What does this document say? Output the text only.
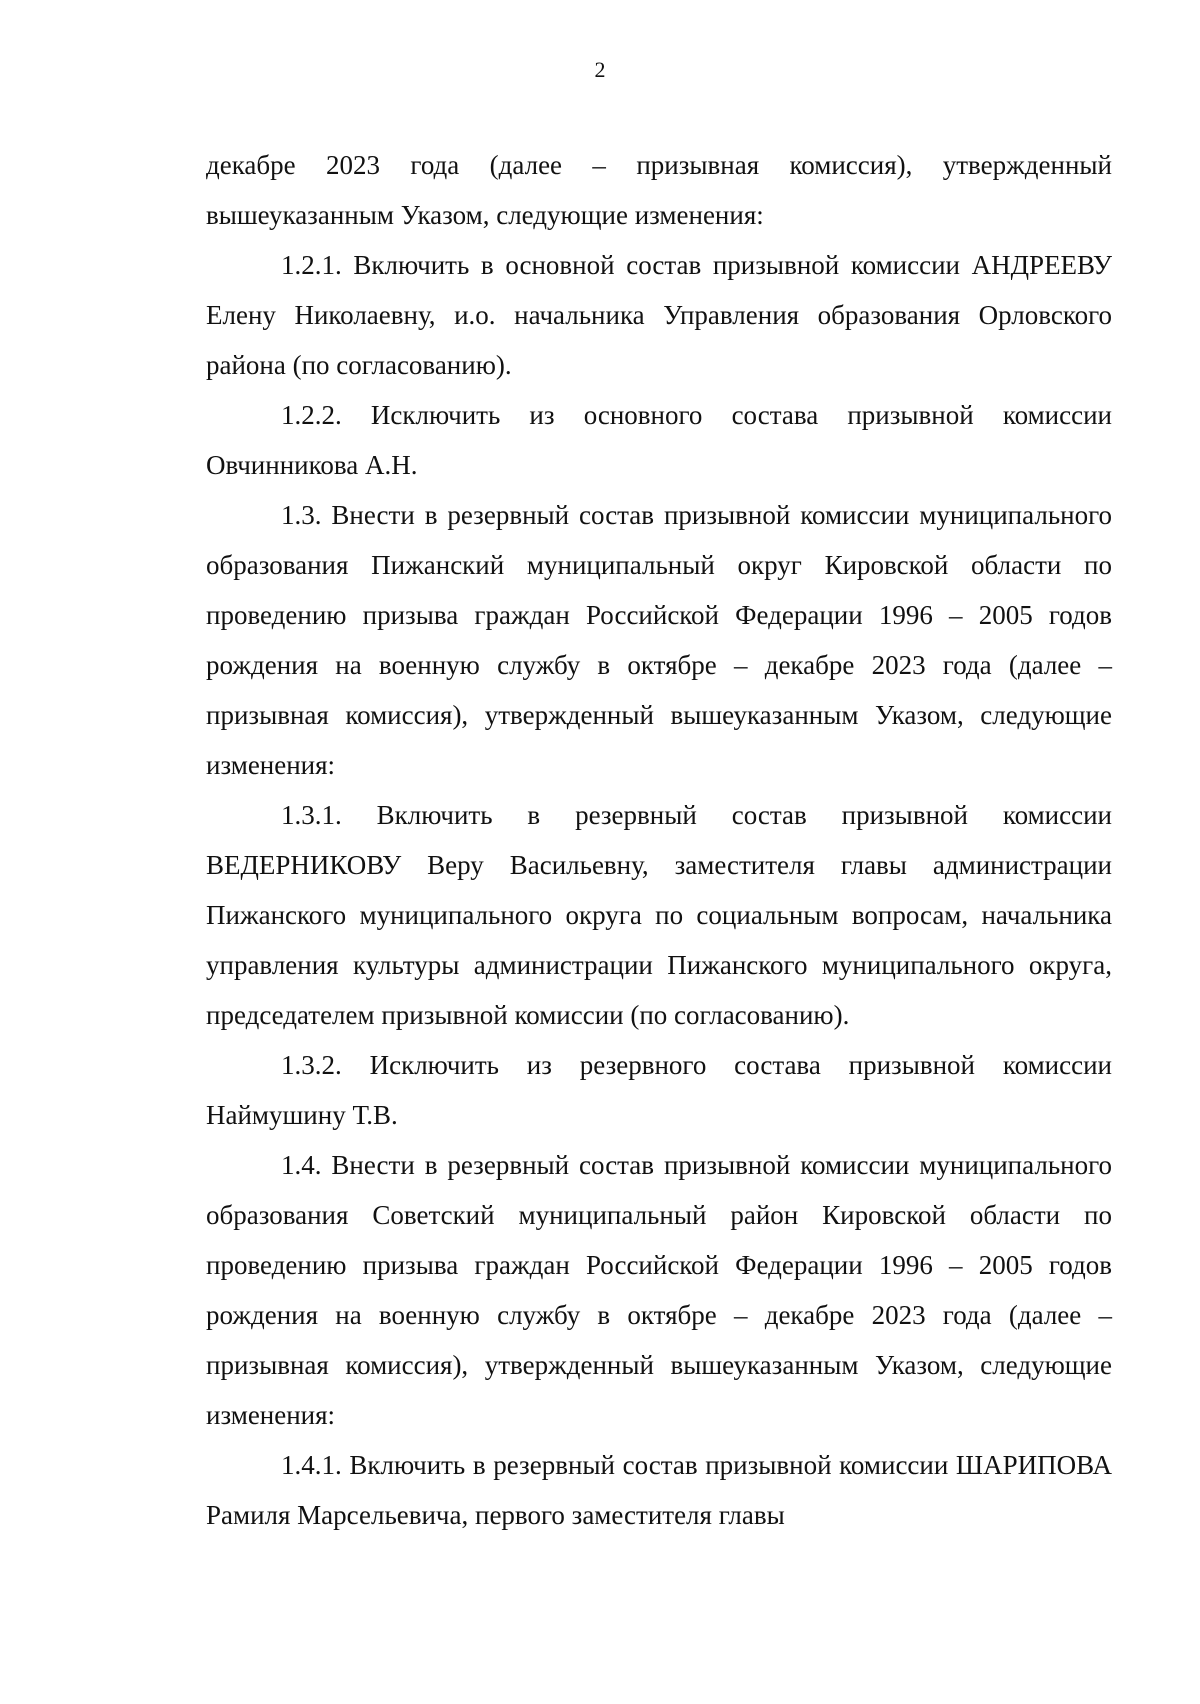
2

декабре 2023 года (далее – призывная комиссия), утвержденный вышеуказанным Указом, следующие изменения:

1.2.1. Включить в основной состав призывной комиссии АНДРЕЕВУ Елену Николаевну, и.о. начальника Управления образования Орловского района (по согласованию).

1.2.2. Исключить из основного состава призывной комиссии Овчинникова А.Н.

1.3. Внести в резервный состав призывной комиссии муниципального образования Пижанский муниципальный округ Кировской области по проведению призыва граждан Российской Федерации 1996 – 2005 годов рождения на военную службу в октябре – декабре 2023 года (далее – призывная комиссия), утвержденный вышеуказанным Указом, следующие изменения:

1.3.1. Включить в резервный состав призывной комиссии ВЕДЕРНИКОВУ Веру Васильевну, заместителя главы администрации Пижанского муниципального округа по социальным вопросам, начальника управления культуры администрации Пижанского муниципального округа, председателем призывной комиссии (по согласованию).

1.3.2. Исключить из резервного состава призывной комиссии Наймушину Т.В.

1.4. Внести в резервный состав призывной комиссии муниципального образования Советский муниципальный район Кировской области по проведению призыва граждан Российской Федерации 1996 – 2005 годов рождения на военную службу в октябре – декабре 2023 года (далее – призывная комиссия), утвержденный вышеуказанным Указом, следующие изменения:

1.4.1. Включить в резервный состав призывной комиссии ШАРИПОВА Рамиля Марсельевича, первого заместителя главы
